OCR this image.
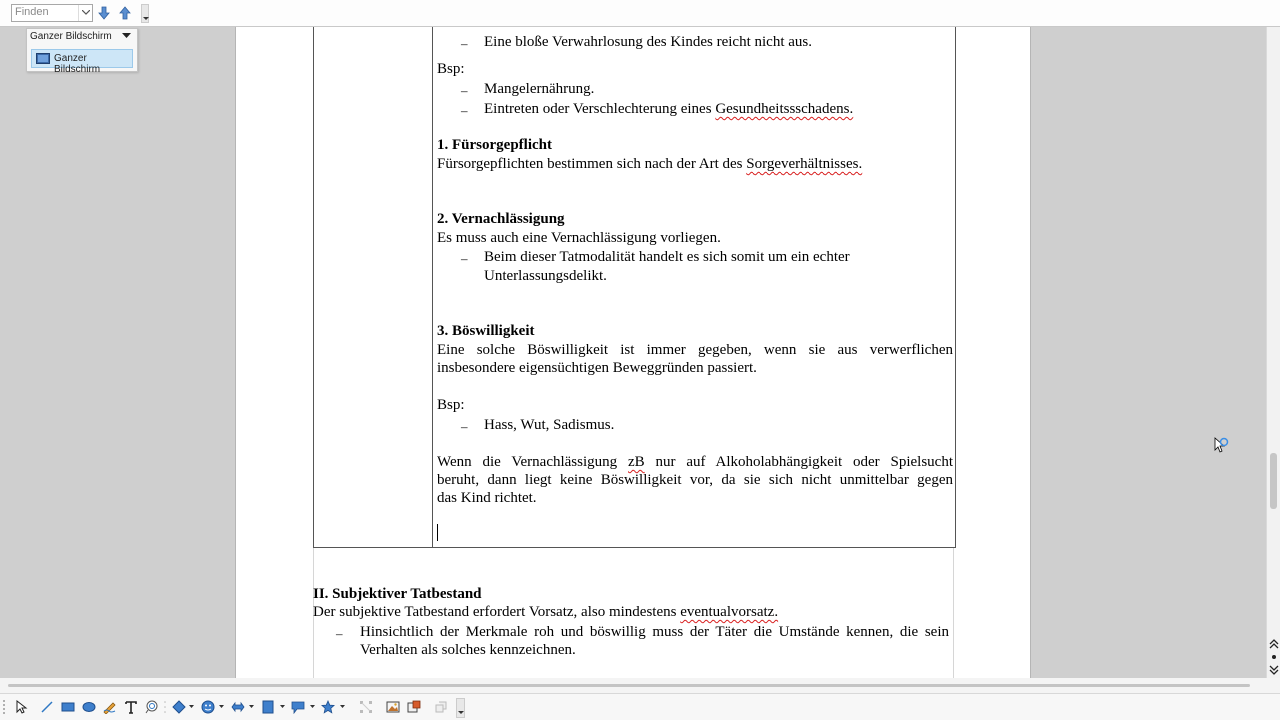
Finden
– Eine bloße Verwahrlosung des Kindes reicht nicht aus.
Bsp:
– Mangelernährung.
– Eintreten oder Verschlechterung eines Gesundheitssschadens.
1. Fürsorgepflicht
Fürsorgepflichten bestimmen sich nach der Art des Sorgeverhältnisses.
2. Vernachlässigung
Es muss auch eine Vernachlässigung vorliegen.
– Beim dieser Tatmodalität handelt es sich somit um ein echter
Unterlassungsdelikt.
3. Böswilligkeit
Eine solche Böswilligkeit ist immer gegeben, wenn sie aus verwerflichen
insbesondere eigensüchtigen Beweggründen passiert.
Bsp:
– Hass, Wut, Sadismus.
Wenn die Vernachlässigung zB nur auf Alkoholabhängigkeit oder Spielsucht
beruht, dann liegt keine Böswilligkeit vor, da sie sich nicht unmittelbar gegen
das Kind richtet.
II. Subjektiver Tatbestand
Der subjektive Tatbestand erfordert Vorsatz, also mindestens eventualvorsatz.
– Hinsichtlich der Merkmale roh und böswillig muss der Täter die Umstände kennen, die sein
Verhalten als solches kennzeichnen.
Ganzer Bildschirm
Ganzer Bildschirm
